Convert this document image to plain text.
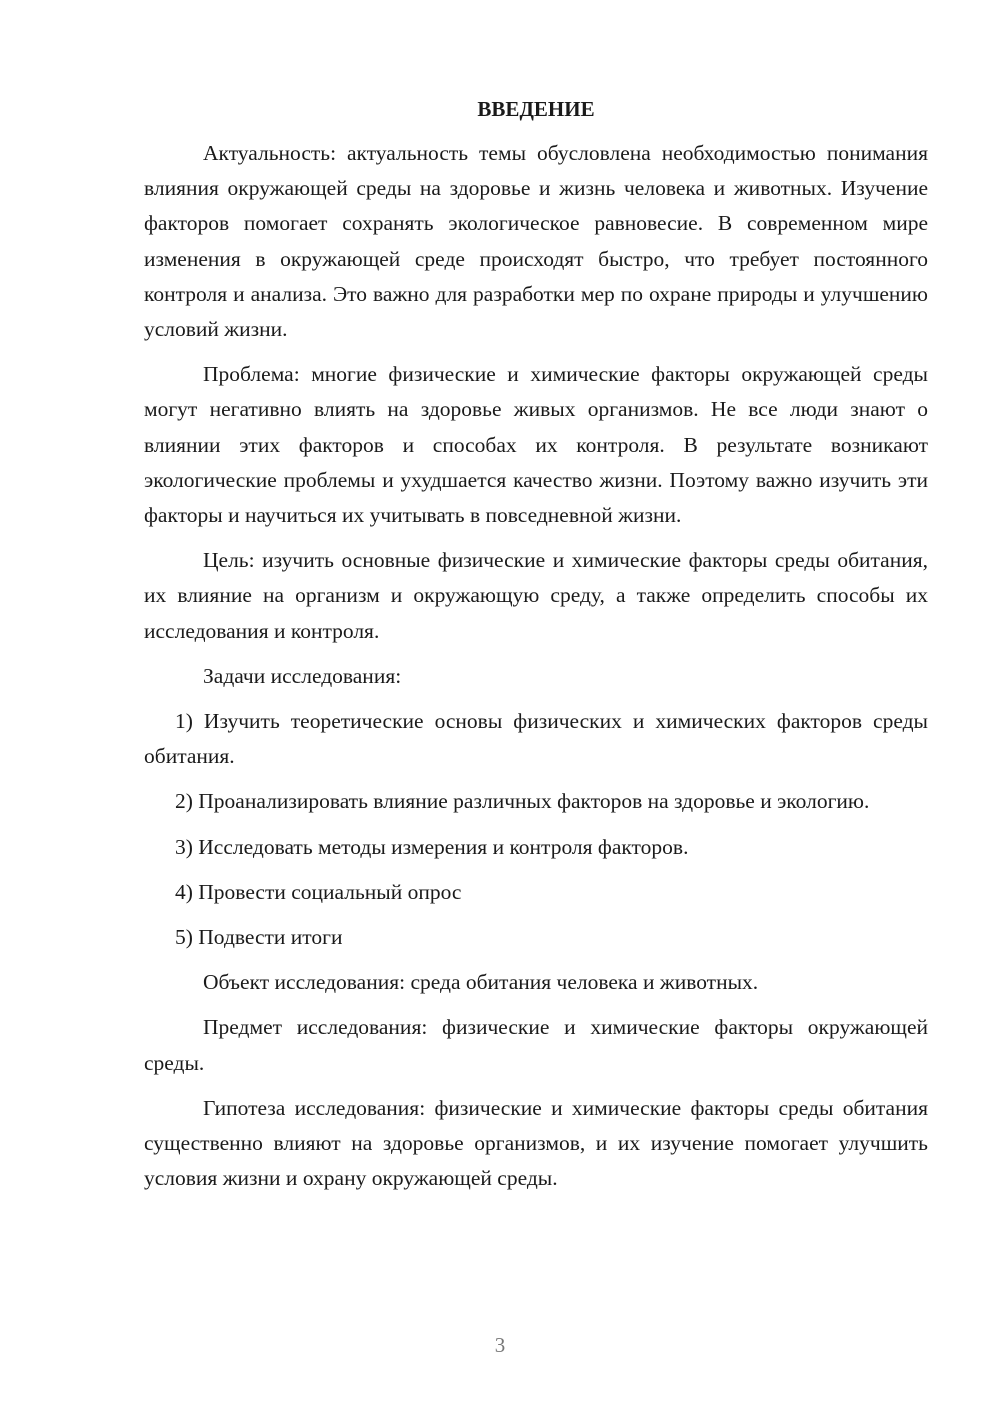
ВВЕДЕНИЕ

Актуальность: актуальность темы обусловлена необходимостью понимания влияния окружающей среды на здоровье и жизнь человека и животных. Изучение факторов помогает сохранять экологическое равновесие. В современном мире изменения в окружающей среде происходят быстро, что требует постоянного контроля и анализа. Это важно для разработки мер по охране природы и улучшению условий жизни.

Проблема: многие физические и химические факторы окружающей среды могут негативно влиять на здоровье живых организмов. Не все люди знают о влиянии этих факторов и способах их контроля. В результате возникают экологические проблемы и ухудшается качество жизни. Поэтому важно изучить эти факторы и научиться их учитывать в повседневной жизни.

Цель: изучить основные физические и химические факторы среды обитания, их влияние на организм и окружающую среду, а также определить способы их исследования и контроля.

Задачи исследования:

1) Изучить теоретические основы физических и химических факторов среды обитания.

2) Проанализировать влияние различных факторов на здоровье и экологию.

3) Исследовать методы измерения и контроля факторов.

4) Провести социальный опрос

5) Подвести итоги

Объект исследования: среда обитания человека и животных.

Предмет исследования: физические и химические факторы окружающей среды.

Гипотеза исследования: физические и химические факторы среды обитания существенно влияют на здоровье организмов, и их изучение помогает улучшить условия жизни и охрану окружающей среды.

3
